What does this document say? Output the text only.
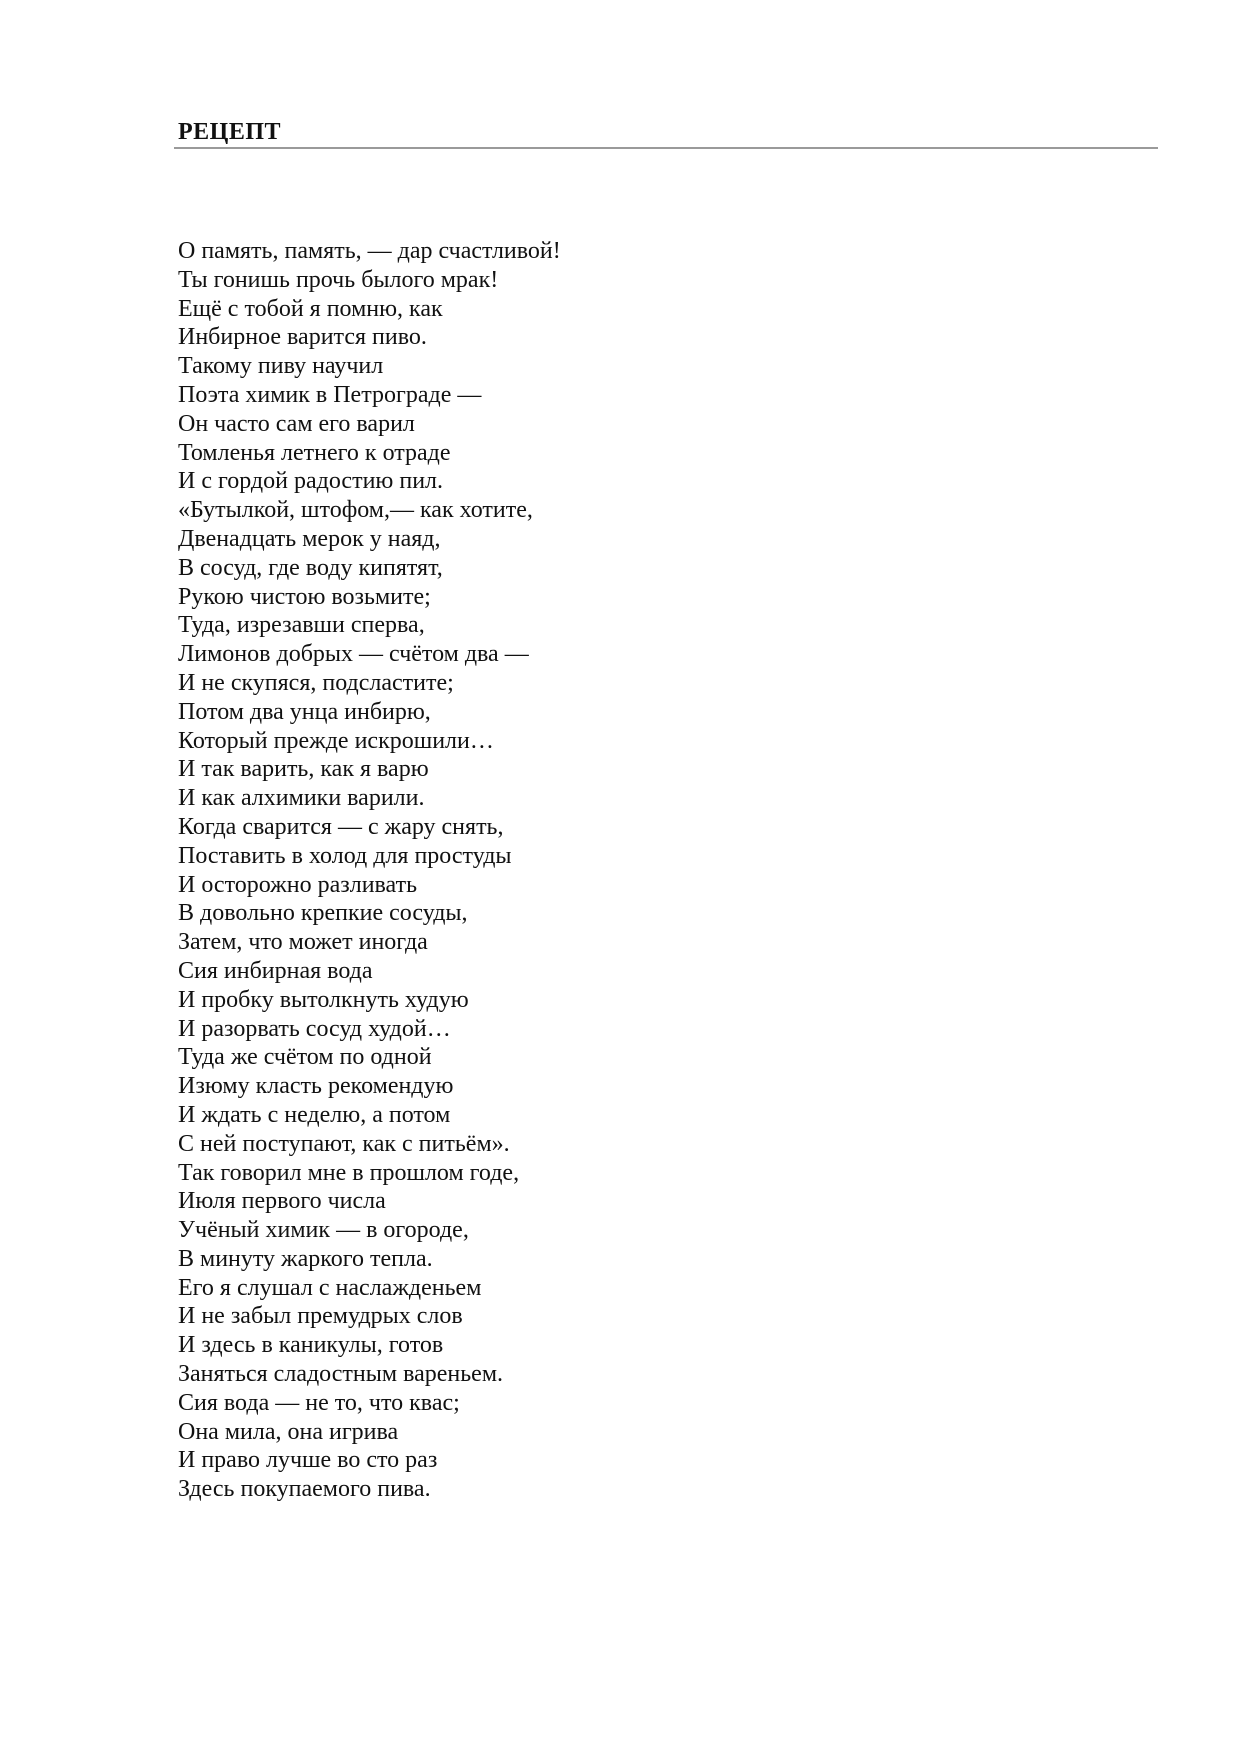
РЕЦЕПТ
О память, память, — дар счастливой!
Ты гонишь прочь былого мрак!
Ещё с тобой я помню, как
Инбирное варится пиво.
Такому пиву научил
Поэта химик в Петрограде —
Он часто сам его варил
Томленья летнего к отраде
И с гордой радостию пил.
«Бутылкой, штофом,— как хотите,
Двенадцать мерок у наяд,
В сосуд, где воду кипятят,
Рукою чистою возьмите;
Туда, изрезавши сперва,
Лимонов добрых — счётом два —
И не скупяся, подсластите;
Потом два унца инбирю,
Который прежде искрошили…
И так варить, как я варю
И как алхимики варили.
Когда сварится — с жару снять,
Поставить в холод для простуды
И осторожно разливать
В довольно крепкие сосуды,
Затем, что может иногда
Сия инбирная вода
И пробку вытолкнуть худую
И разорвать сосуд худой…
Туда же счётом по одной
Изюму класть рекомендую
И ждать с неделю, а потом
С ней поступают, как с питьём».
Так говорил мне в прошлом годе,
Июля первого числа
Учёный химик — в огороде,
В минуту жаркого тепла.
Его я слушал с наслажденьем
И не забыл премудрых слов
И здесь в каникулы, готов
Заняться сладостным вареньем.
Сия вода — не то, что квас;
Она мила, она игрива
И право лучше во сто раз
Здесь покупаемого пива.
